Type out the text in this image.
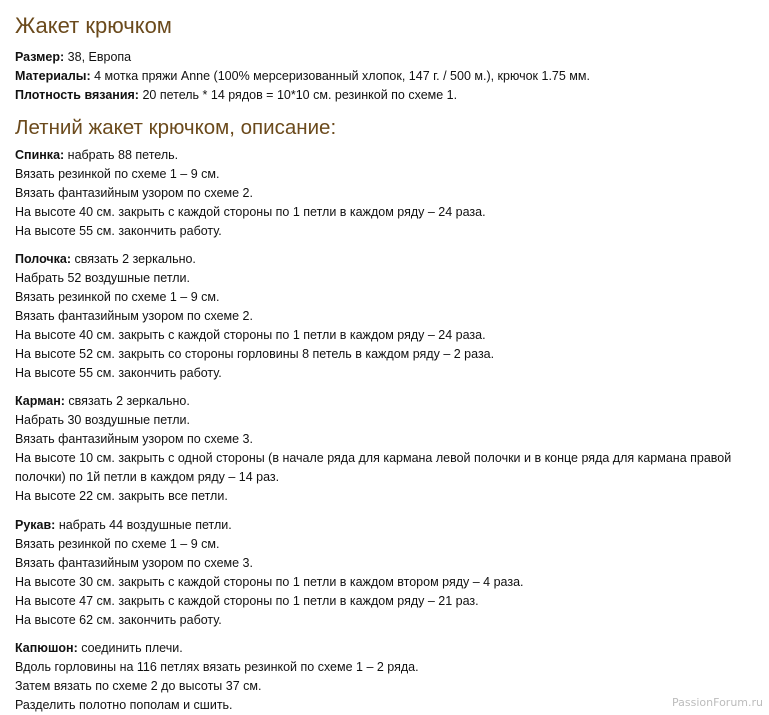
Жакет крючком
Размер: 38, Европа
Материалы: 4 мотка пряжи Anne (100% мерсеризованный хлопок, 147 г. / 500 м.), крючок 1.75 мм.
Плотность вязания: 20 петель * 14 рядов = 10*10 см. резинкой по схеме 1.
Летний жакет крючком, описание:
Спинка: набрать 88 петель.
Вязать резинкой по схеме 1 – 9 см.
Вязать фантазийным узором по схеме 2.
На высоте 40 см. закрыть с каждой стороны по 1 петли в каждом ряду – 24 раза.
На высоте 55 см. закончить работу.
Полочка: связать 2 зеркально.
Набрать 52 воздушные петли.
Вязать резинкой по схеме 1 – 9 см.
Вязать фантазийным узором по схеме 2.
На высоте 40 см. закрыть с каждой стороны по 1 петли в каждом ряду – 24 раза.
На высоте 52 см. закрыть со стороны горловины 8 петель в каждом ряду – 2 раза.
На высоте 55 см. закончить работу.
Карман: связать 2 зеркально.
Набрать 30 воздушные петли.
Вязать фантазийным узором по схеме 3.
На высоте 10 см. закрыть с одной стороны (в начале ряда для кармана левой полочки и в конце ряда для кармана правой полочки) по 1й петли в каждом ряду – 14 раз.
На высоте 22 см. закрыть все петли.
Рукав: набрать 44 воздушные петли.
Вязать резинкой по схеме 1 – 9 см.
Вязать фантазийным узором по схеме 3.
На высоте 30 см. закрыть с каждой стороны по 1 петли в каждом втором ряду – 4 раза.
На высоте 47 см. закрыть с каждой стороны по 1 петли в каждом ряду – 21 раз.
На высоте 62 см. закончить работу.
Капюшон: соединить плечи.
Вдоль горловины на 116 петлях вязать резинкой по схеме 1 – 2 ряда.
Затем вязать по схеме 2 до высоты 37 см.
Разделить полотно пополам и сшить.	PassionForum.ru
